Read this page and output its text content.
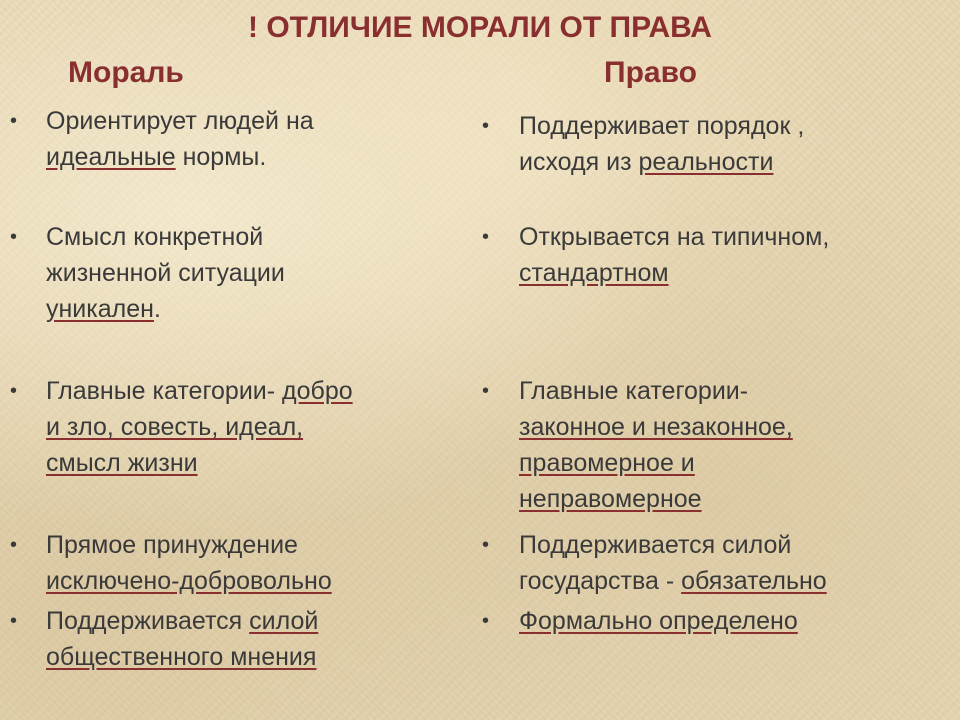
! ОТЛИЧИЕ МОРАЛИ ОТ ПРАВА
Мораль	Право
• Ориентирует людей на
идеальные нормы.
• Смысл конкретной
жизненной ситуации
уникален.
• Главные категории- добро
и зло, совесть, идеал,
смысл жизни
• Прямое принуждение
исключено-добровольно
• Поддерживается силой
общественного мнения
• Поддерживает порядок ,
исходя из реальности
• Открывается на типичном,
стандартном
• Главные категории-
законное и незаконное,
правомерное и
неправомерное
• Поддерживается силой
государства - обязательно
• Формально определено
